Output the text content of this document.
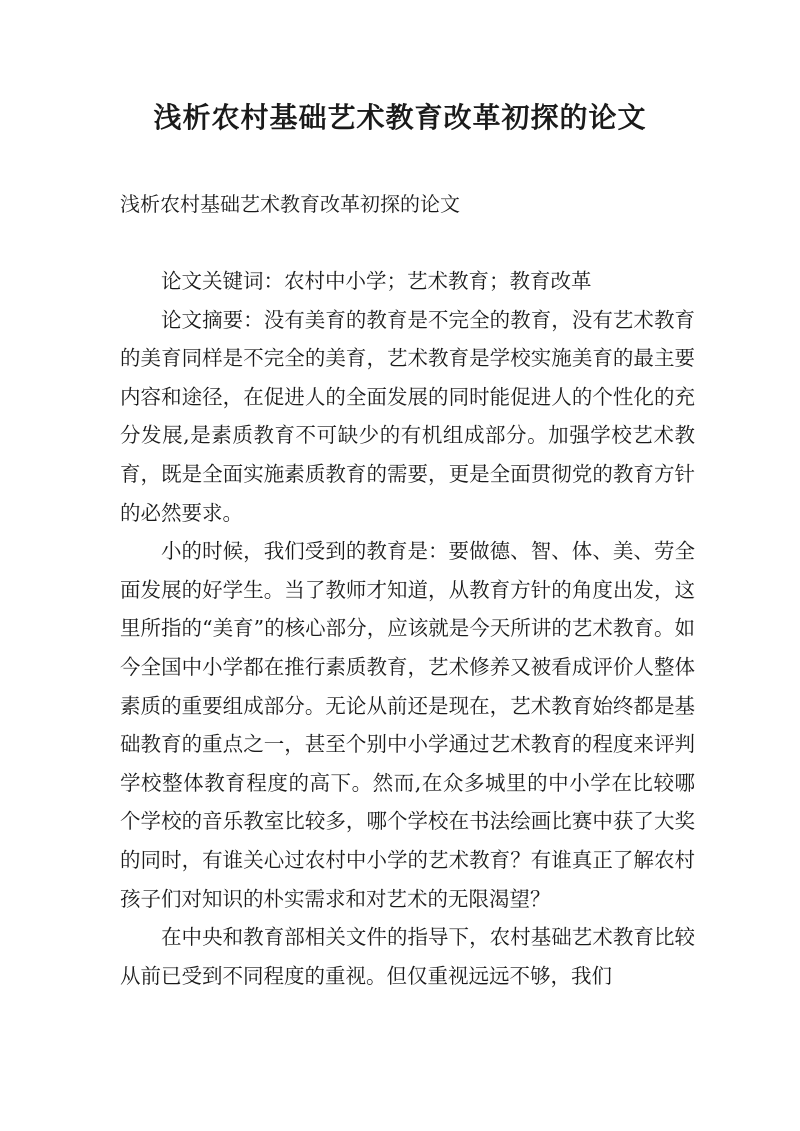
浅析农村基础艺术教育改革初探的论文

浅析农村基础艺术教育改革初探的论文

论文关键词：农村中小学；艺术教育；教育改革

论文摘要：没有美育的教育是不完全的教育，没有艺术教育的美育同样是不完全的美育，艺术教育是学校实施美育的最主要内容和途径，在促进人的全面发展的同时能促进人的个性化的充分发展,是素质教育不可缺少的有机组成部分。加强学校艺术教育，既是全面实施素质教育的需要，更是全面贯彻党的教育方针的必然要求。

小的时候，我们受到的教育是：要做德、智、体、美、劳全面发展的好学生。当了教师才知道，从教育方针的角度出发，这里所指的“美育”的核心部分，应该就是今天所讲的艺术教育。如今全国中小学都在推行素质教育，艺术修养又被看成评价人整体素质的重要组成部分。无论从前还是现在，艺术教育始终都是基础教育的重点之一，甚至个别中小学通过艺术教育的程度来评判学校整体教育程度的高下。然而,在众多城里的中小学在比较哪个学校的音乐教室比较多，哪个学校在书法绘画比赛中获了大奖的同时，有谁关心过农村中小学的艺术教育？有谁真正了解农村孩子们对知识的朴实需求和对艺术的无限渴望？

在中央和教育部相关文件的指导下，农村基础艺术教育比较从前已受到不同程度的重视。但仅重视远远不够，我们
